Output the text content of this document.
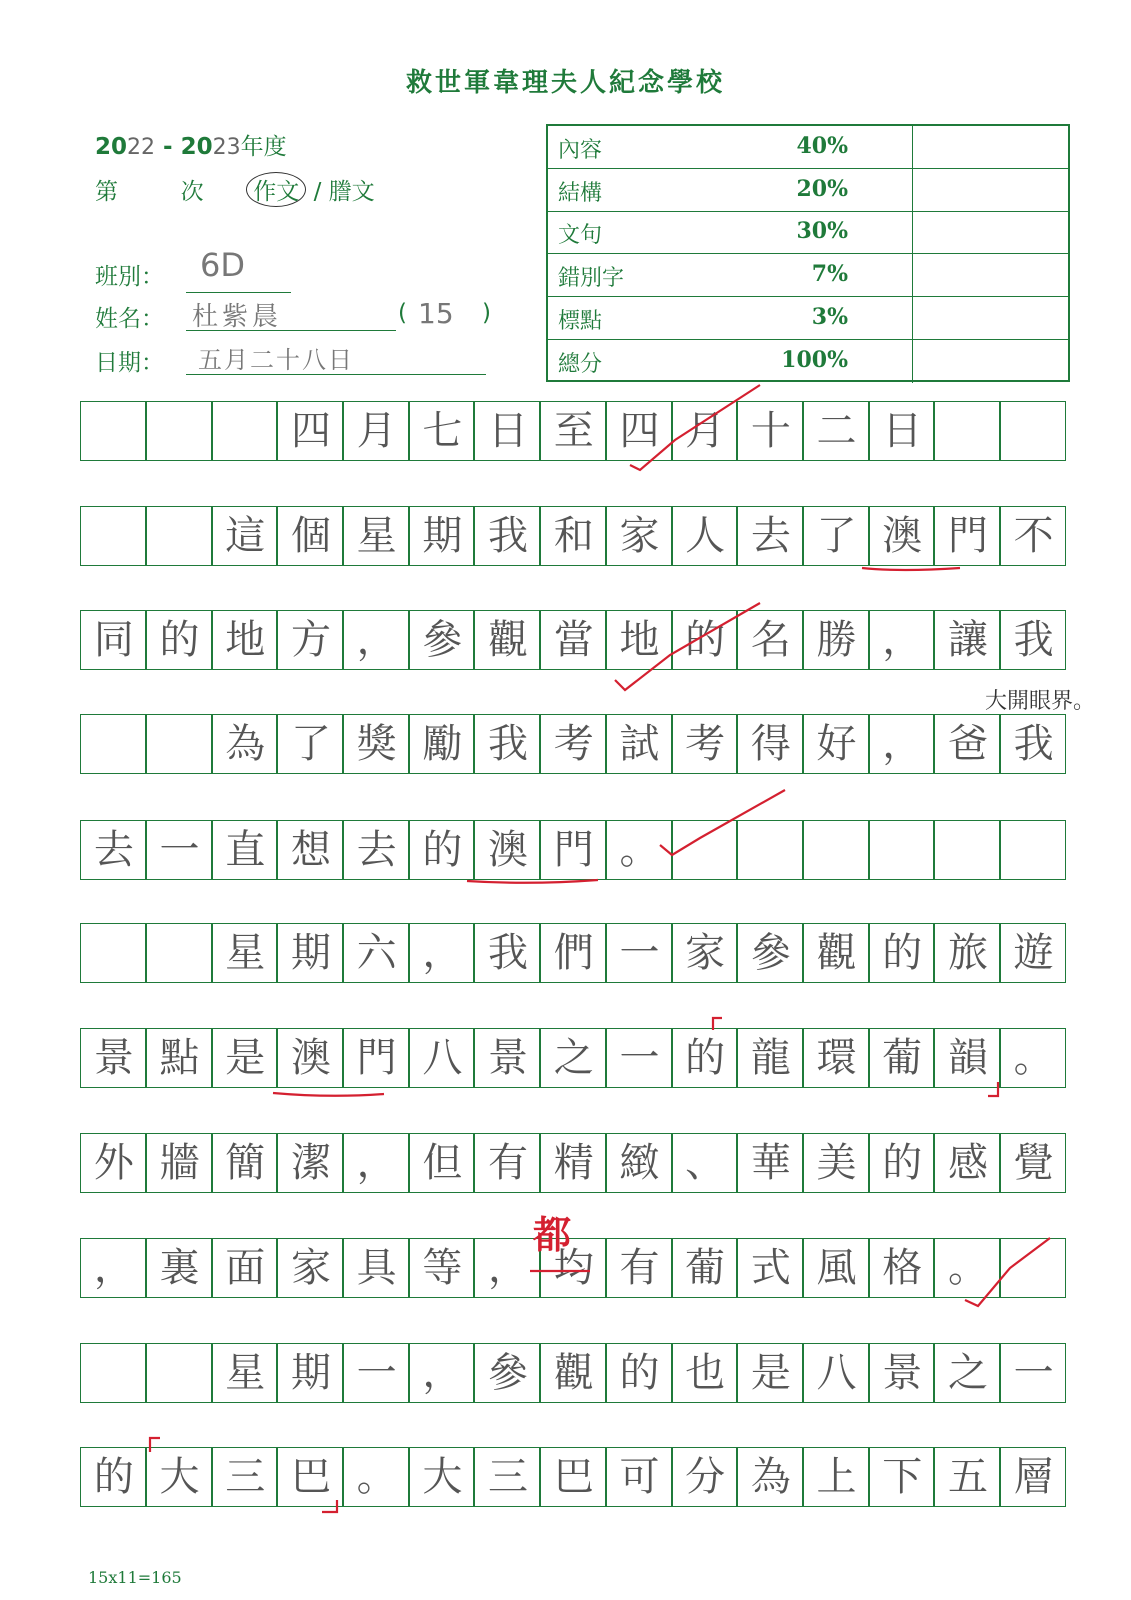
救世軍韋理夫人紀念學校
2022 - 2023年度
第	次 作文 / 謄文
班別： 6D
姓名： 杜紫晨	( 15 )
日期： 五月二十八日
內容	40%
結構	20%
文句	30%
錯別字	7%
標點	3%
總分	100%
四 月 七 日 至 四 月 十 二 日
這 個 星 期 我 和 家 人 去 了 澳 門 不
同 的 地 方 ， 參 觀 當 地 的 名 勝 ， 讓 我
為 了 獎 勵 我 考 試 考 得 好 ， 爸 我
去 一 直 想 去 的 澳 門 。
星 期 六 ， 我 們 一 家 參 觀 的 旅 遊
景 點 是 澳 門 八 景 之 一 的 龍 環 葡 韻 。
外 牆 簡 潔 ， 但 有 精 緻 、 華 美 的 感 覺
， 裏 面 家 具 等 ， 均 有 葡 式 風 格 。
星 期 一 ， 參 觀 的 也 是 八 景 之 一
的 大 三 巴 。 大 三 巴 可 分 為 上 下 五 層
15x11=165
都
大開眼界。
